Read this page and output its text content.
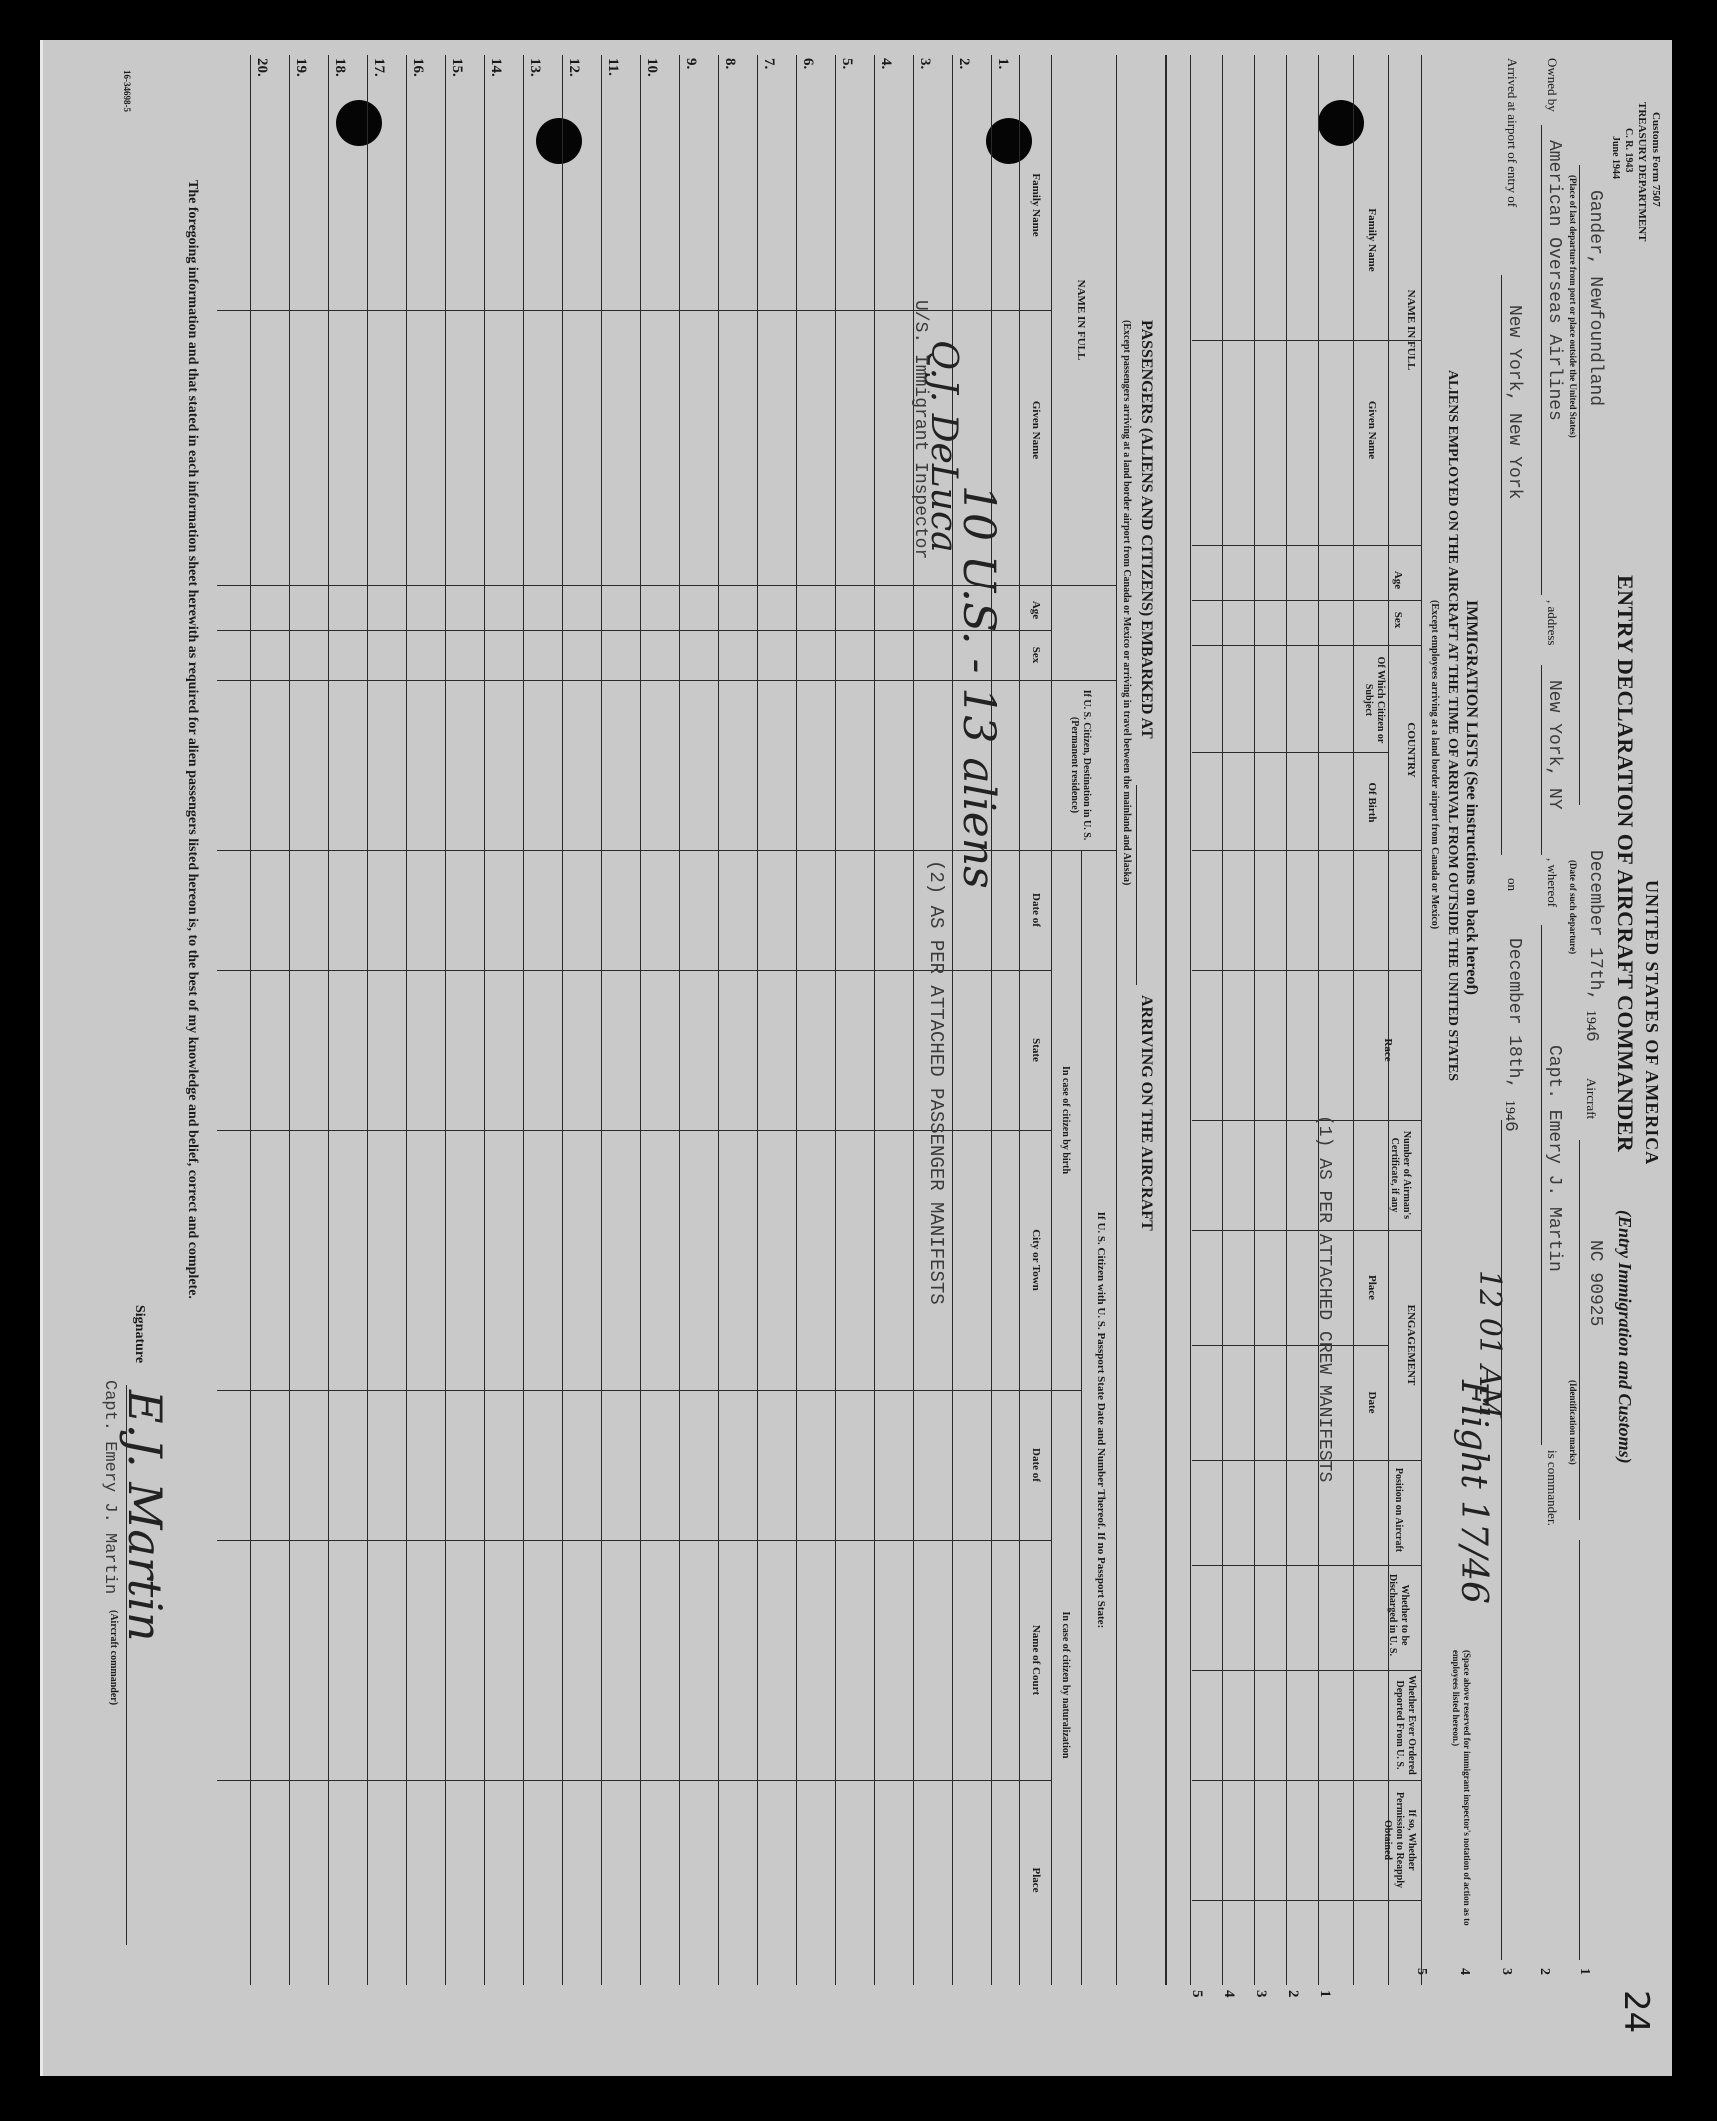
Customs Form 7507
TREASURY DEPARTMENT
C. R. 1943
June 1944
24
UNITED STATES OF AMERICA
ENTRY DECLARATION OF AIRCRAFT COMMANDER
(Entry Immigration and Customs)
Gander, Newfoundland
(Place of last departure from port or place outside the United States)
December 17th,
(Date of such departure)
1946
Aircraft
NC 90925
(Identification marks)
Owned by
American Overseas Airlines
, address
New York, NY
, whereof
Capt. Emery J. Martin
is commander.
Arrived at airport of entry of
New York, New York
on
December 18th,
1946
1
2
3
4
5
12 01 AM
Flight 17/46
IMMIGRATION LISTS (See instructions on back hereof)
ALIENS EMPLOYED ON THE AIRCRAFT AT THE TIME OF ARRIVAL FROM OUTSIDE THE UNITED STATES
(Except employees arriving at a land border airport from Canada or Mexico)
(Space above reserved for immigrant inspector's notation of action as to employees listed hereon.)
NAME IN FULL
Family Name
Given Name
Age
Sex
COUNTRY
Of Which Citizen or Subject
Of Birth
Race
Number of Airman's Certificate, if any
ENGAGEMENT
Place
Date
Position on Aircraft
Whether to be Discharged in U. S.
Whether Ever Ordered Deported From U. S.
If so, Whether Permission to Reapply Obtained
1
2
3
4
5
(1) AS PER ATTACHED CREW MANIFESTS
PASSENGERS (ALIENS AND CITIZENS) EMBARKED AT
ARRIVING ON THE AIRCRAFT
(Except passengers arriving at a land border airport from Canada or Mexico or arriving in travel between the mainland and Alaska)
NAME IN FULL
Family Name
Given Name
Age
Sex
If U. S. Citizen, Destination in U. S. (Permanent residence)
If U. S. Citizen with U. S. Passport State Date and Number Thereof. If no Passport State:
In case of citizen by birth
In case of citizen by naturalization
Date of
State
City or Town
Date of
Name of Court
Place
1.
2.
3.
4.
5.
6.
7.
8.
9.
10.
11.
12.
13.
14.
15.
16.
17.
18.
19.
20.
10 U.S. - 13 aliens
Q.J. DeLuca
U/S. Immigrant Inspector
(2) AS PER ATTACHED PASSENGER MANIFESTS
The foregoing information and that stated in each information sheet herewith as required for alien passengers listed hereon is, to the best of my knowledge and belief, correct and complete.
Signature
E.J. Martin
Capt. Emery J. Martin
(Aircraft commander)
16-34698-5
